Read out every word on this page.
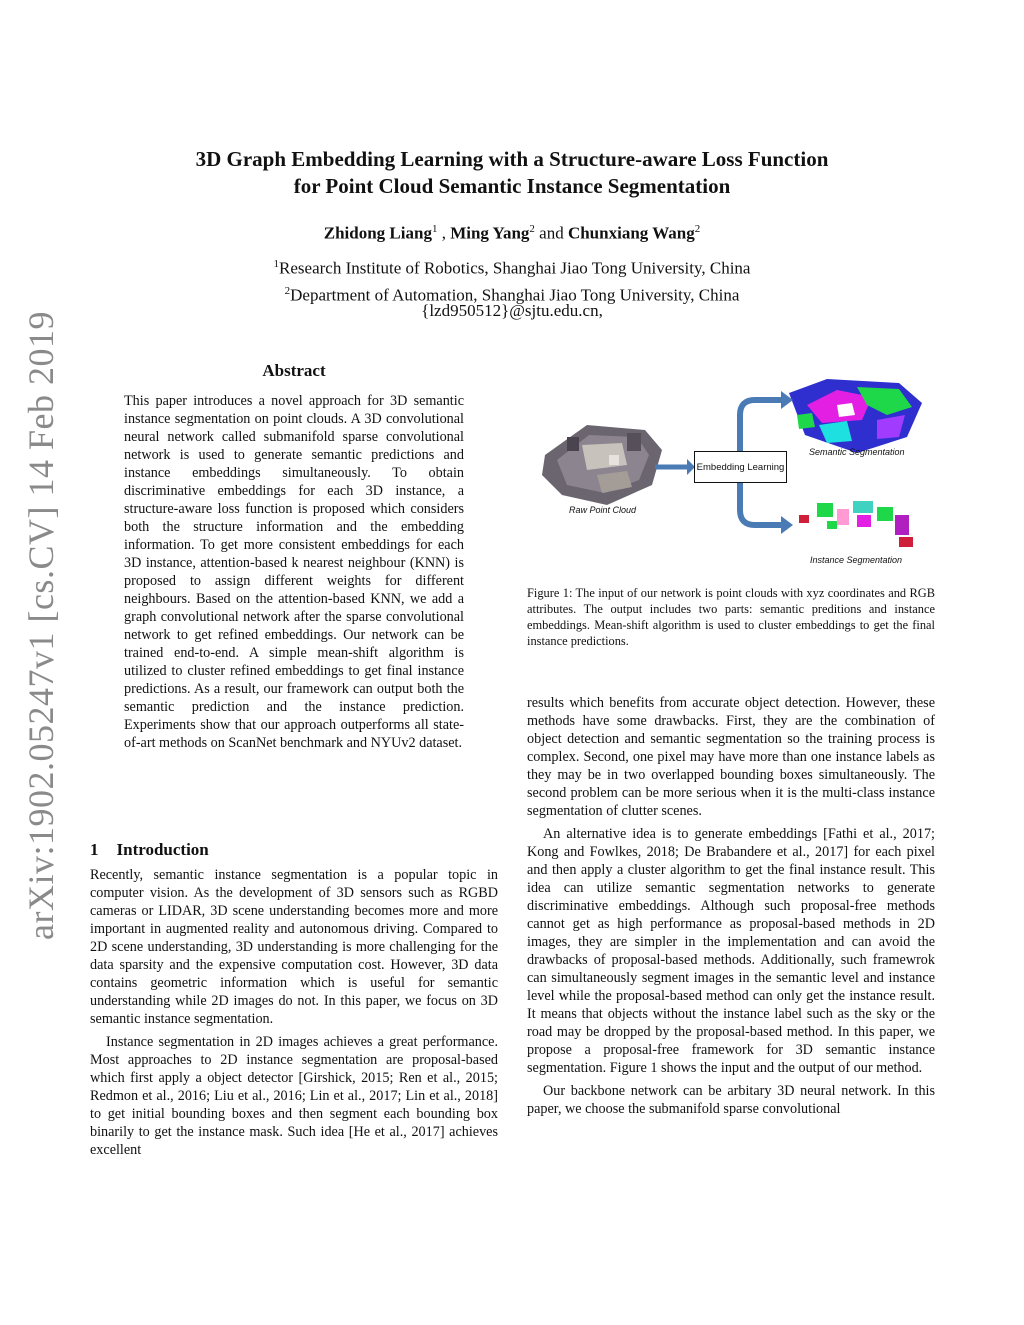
arXiv:1902.05247v1 [cs.CV] 14 Feb 2019
3D Graph Embedding Learning with a Structure-aware Loss Function
for Point Cloud Semantic Instance Segmentation
Zhidong Liang$^1$ , Ming Yang$^2$ and Chunxiang Wang$^2$
$^1$Research Institute of Robotics, Shanghai Jiao Tong University, China
$^2$Department of Automation, Shanghai Jiao Tong University, China
{lzd950512}@sjtu.edu.cn,
Abstract
This paper introduces a novel approach for 3D semantic instance segmentation on point clouds. A 3D convolutional neural network called submanifold sparse convolutional network is used to generate semantic predictions and instance embeddings simultaneously. To obtain discriminative embeddings for each 3D instance, a structure-aware loss function is proposed which considers both the structure information and the embedding information. To get more consistent embeddings for each 3D instance, attention-based k nearest neighbour (KNN) is proposed to assign different weights for different neighbours. Based on the attention-based KNN, we add a graph convolutional network after the sparse convolutional network to get refined embeddings. Our network can be trained end-to-end. A simple mean-shift algorithm is utilized to cluster refined embeddings to get final instance predictions. As a result, our framework can output both the semantic prediction and the instance prediction. Experiments show that our approach outperforms all state-of-art methods on ScanNet benchmark and NYUv2 dataset.
1 Introduction

Recently, semantic instance segmentation is a popular topic in computer vision. As the development of 3D sensors such as RGBD cameras or LIDAR, 3D scene understanding becomes more and more important in augmented reality and autonomous driving. Compared to 2D scene understanding, 3D understanding is more challenging for the data sparsity and the expensive computation cost. However, 3D data contains geometric information which is useful for semantic understanding while 2D images do not. In this paper, we focus on 3D semantic instance segmentation.

Instance segmentation in 2D images achieves a great performance. Most approaches to 2D instance segmentation are proposal-based which first apply a object detector [Girshick, 2015; Ren et al., 2015; Redmon et al., 2016; Liu et al., 2016; Lin et al., 2017; Lin et al., 2018] to get initial bounding boxes and then segment each bounding box binarily to get the instance mask. Such idea [He et al., 2017] achieves excellent

Embedding Learning
Raw Point Cloud
Semantic Segmentation
Instance Segmentation
Figure 1: The input of our network is point clouds with xyz coordinates and RGB attributes. The output includes two parts: semantic preditions and instance embeddings. Mean-shift algorithm is used to cluster embeddings to get the final instance predictions.

results which benefits from accurate object detection. However, these methods have some drawbacks. First, they are the combination of object detection and semantic segmentation so the training process is complex. Second, one pixel may have more than one instance labels as they may be in two overlapped bounding boxes simultaneously. The second problem can be more serious when it is the multi-class instance segmentation of clutter scenes.

An alternative idea is to generate embeddings [Fathi et al., 2017; Kong and Fowlkes, 2018; De Brabandere et al., 2017] for each pixel and then apply a cluster algorithm to get the final instance result. This idea can utilize semantic segmentation networks to generate discriminative embeddings. Although such proposal-free methods cannot get as high performance as proposal-based methods in 2D images, they are simpler in the implementation and can avoid the drawbacks of proposal-based methods. Additionally, such framewrok can simultaneously segment images in the semantic level and instance level while the proposal-based method can only get the instance result. It means that objects without the instance label such as the sky or the road may be dropped by the proposal-based method. In this paper, we propose a proposal-free framework for 3D semantic instance segmentation. Figure 1 shows the input and the output of our method.

Our backbone network can be arbitary 3D neural network. In this paper, we choose the submanifold sparse convolutional
